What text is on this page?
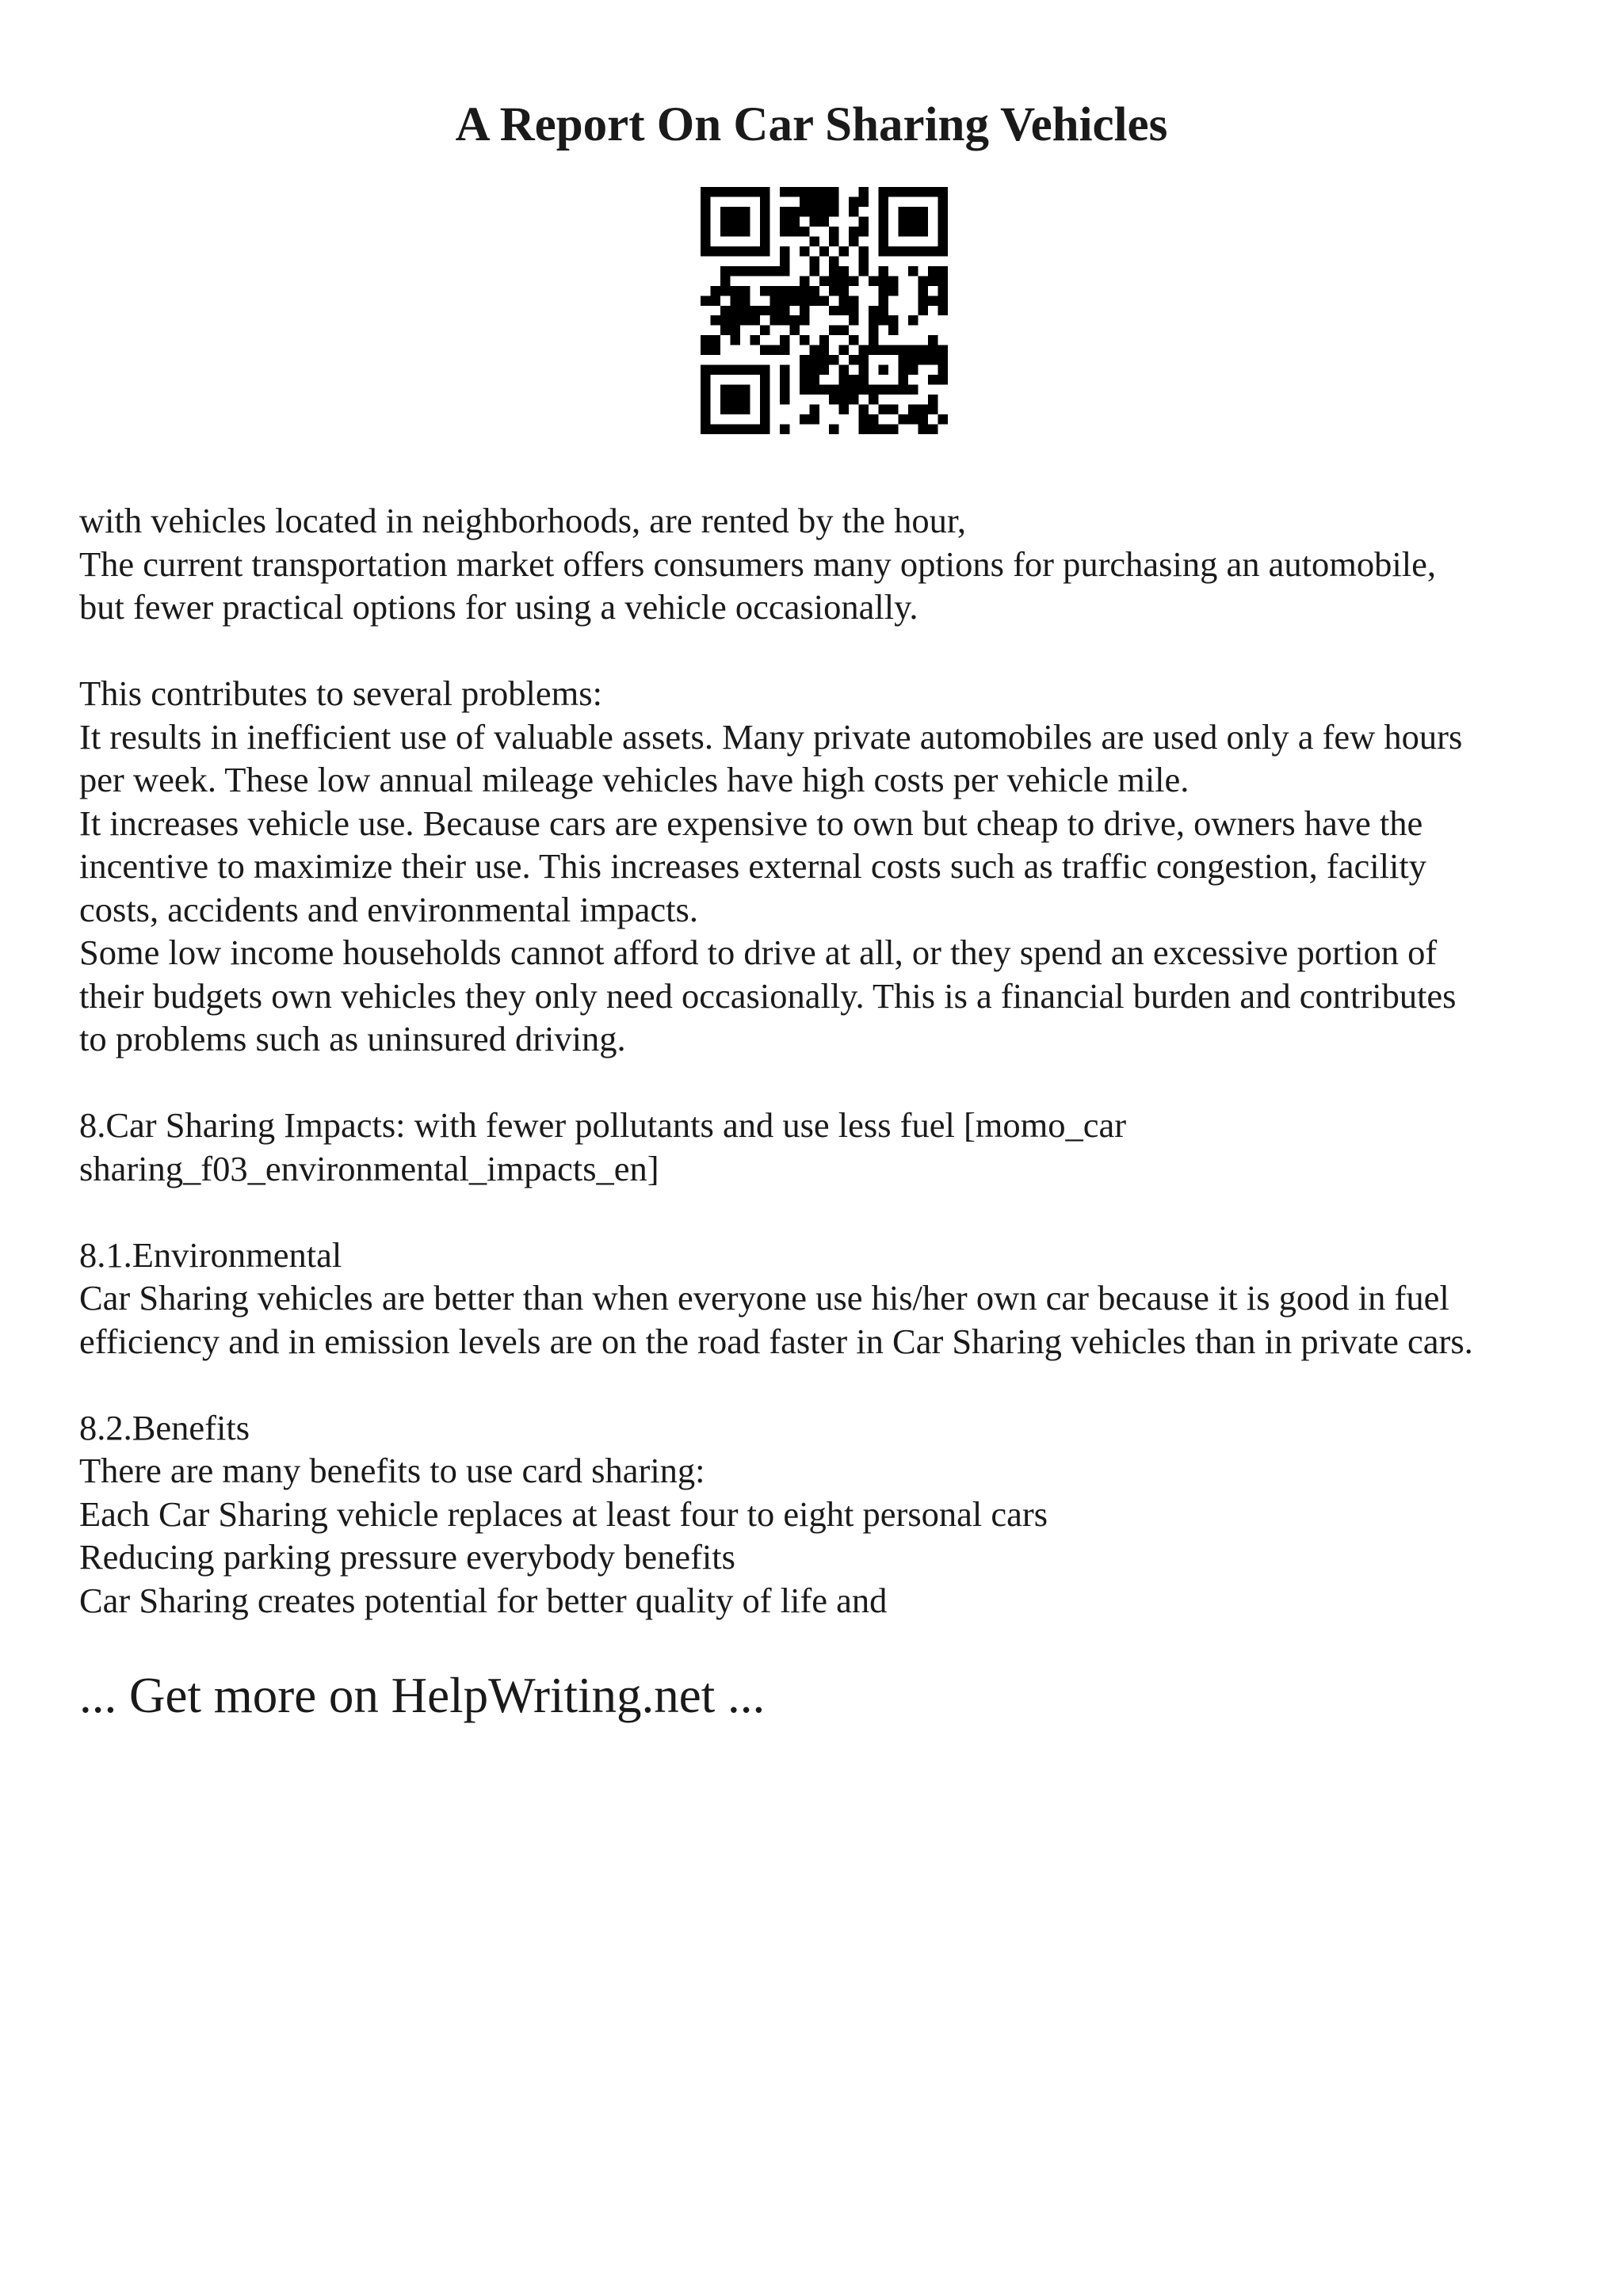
A Report On Car Sharing Vehicles

with vehicles located in neighborhoods, are rented by the hour,

The current transportation market offers consumers many options for purchasing an automobile,

but fewer practical options for using a vehicle occasionally.

This contributes to several problems:

It results in inefficient use of valuable assets. Many private automobiles are used only a few hours

per week. These low annual mileage vehicles have high costs per vehicle mile.

It increases vehicle use. Because cars are expensive to own but cheap to drive, owners have the

incentive to maximize their use. This increases external costs such as traffic congestion, facility

costs, accidents and environmental impacts.

Some low income households cannot afford to drive at all, or they spend an excessive portion of

their budgets own vehicles they only need occasionally. This is a financial burden and contributes

to problems such as uninsured driving.

8.Car Sharing Impacts: with fewer pollutants and use less fuel [momo_car

sharing_f03_environmental_impacts_en]

8.1.Environmental

Car Sharing vehicles are better than when everyone use his/her own car because it is good in fuel

efficiency and in emission levels are on the road faster in Car Sharing vehicles than in private cars.

8.2.Benefits

There are many benefits to use card sharing:

Each Car Sharing vehicle replaces at least four to eight personal cars

Reducing parking pressure everybody benefits

Car Sharing creates potential for better quality of life and

... Get more on HelpWriting.net ...
